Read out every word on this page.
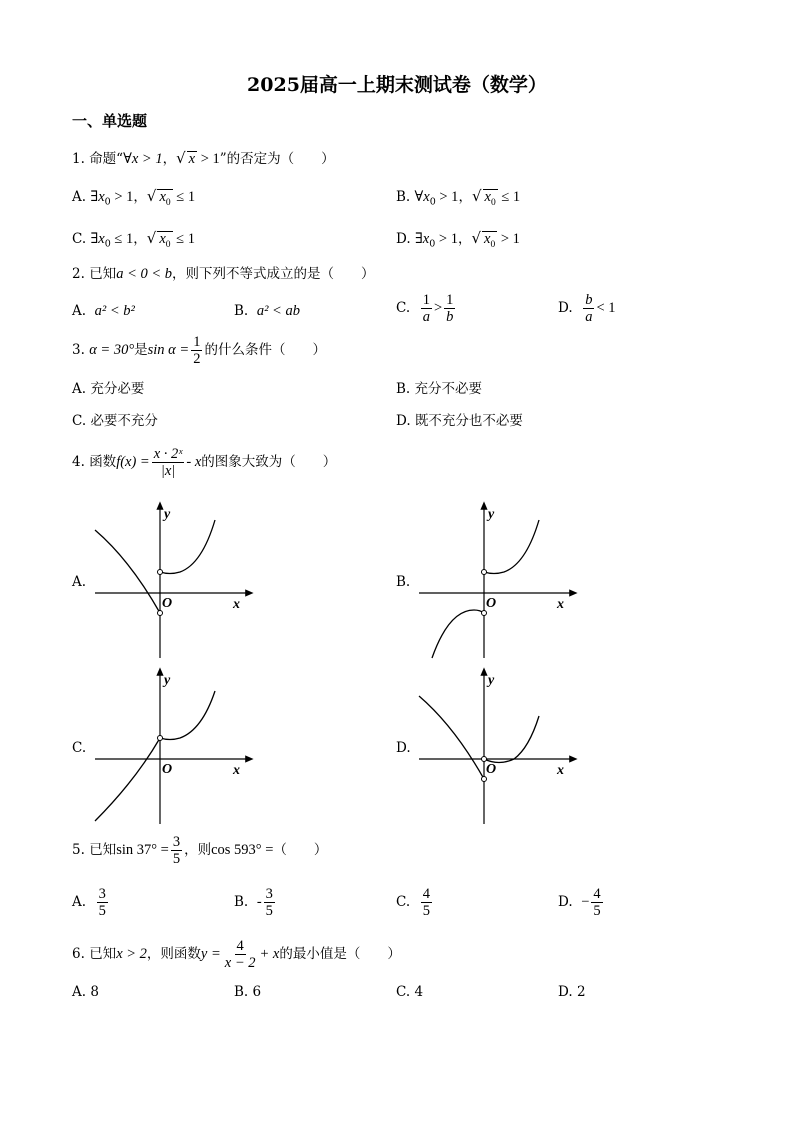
2025届高一上期末测试卷（数学）
一、单选题
1. 命题“∀x > 1，√ x > 1”的否定为（　　）
A. $\exists x_0 > 1$，√ $x_0 \le 1$	B. $\forall x_0 > 1$，√ $x_0 \le 1$
C. $\exists x_0 \le 1$，√ $x_0 \le 1$	D. $\exists x_0 > 1$，√ $x_0 > 1$
2. 已知a < 0 < b，则下列不等式成立的是（　　）
A. a² < b²	B. a² < ab	C. $\frac{1}{a} > \frac{1}{b}$	D. $\frac{b}{a} < 1$
3. α = 30°是$\sin \alpha = \frac{1}{2}$ 的什么条件（　　）
A. 充分必要	B. 充分不必要
C. 必要不充分	D. 既不充分也不必要
4. 函数$f(x) = \frac{\text{x · 2ˣ}}{|x|} - x$的图象大致为（　　）
A.
y
x
O
B.
y
x
O
C.
y
x
O
D.
y
x
O
5. 已知$\sin 37^\circ = \frac{3}{5}$ ，则cos 593° =（　　）
A. $\frac{3}{5}$	B. - $\frac{3}{5}$	C. $\frac{4}{5}$	D. − $\frac{4}{5}$
6. 已知x > 2，则函数$y = \frac{4}{x - 2} + x$的最小值是（　　）
A. 8	B. 6	C. 4	D. 2
